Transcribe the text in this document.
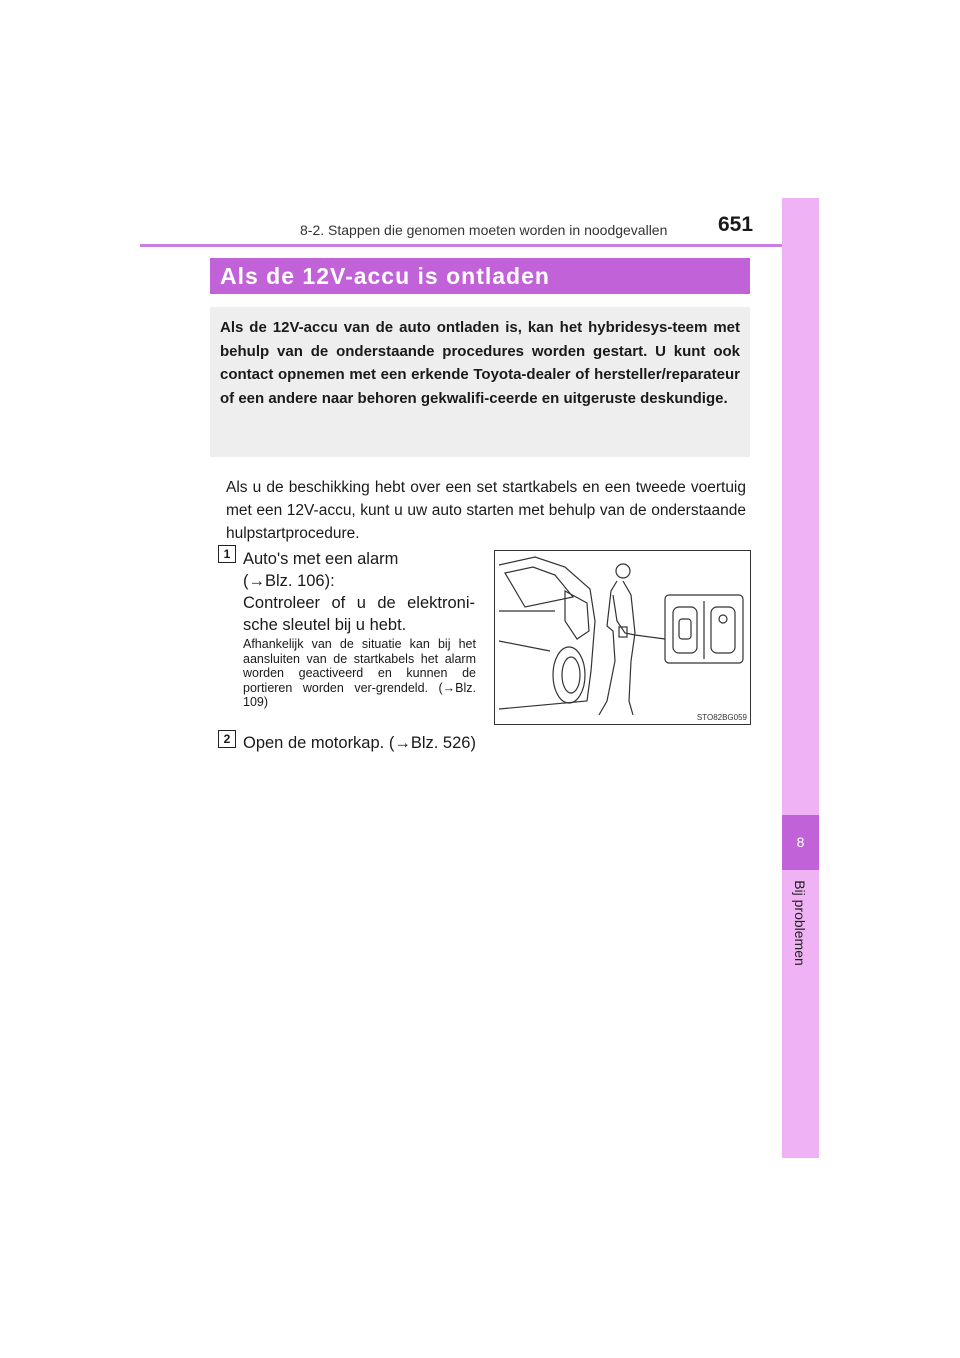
8-2. Stappen die genomen moeten worden in noodgevallen	651
8
Bij problemen
Als de 12V-accu is ontladen

Als de 12V-accu van de auto ontladen is, kan het hybridesys-teem met behulp van de onderstaande procedures worden gestart. U kunt ook contact opnemen met een erkende Toyota-dealer of hersteller/reparateur of een andere naar behoren gekwalifi-ceerde en uitgeruste deskundige.

Als u de beschikking hebt over een set startkabels en een tweede voertuig met een 12V-accu, kunt u uw auto starten met behulp van de onderstaande hulpstartprocedure.

1 Auto's met een alarm
(→Blz. 106):
Controleer of u de elektroni-
sche sleutel bij u hebt.

Afhankelijk van de situatie kan bij het aansluiten van de startkabels het alarm worden geactiveerd en kunnen de portieren worden ver-grendeld. (→Blz. 109)

2 Open de motorkap. (→Blz. 526)

STO82BG059
